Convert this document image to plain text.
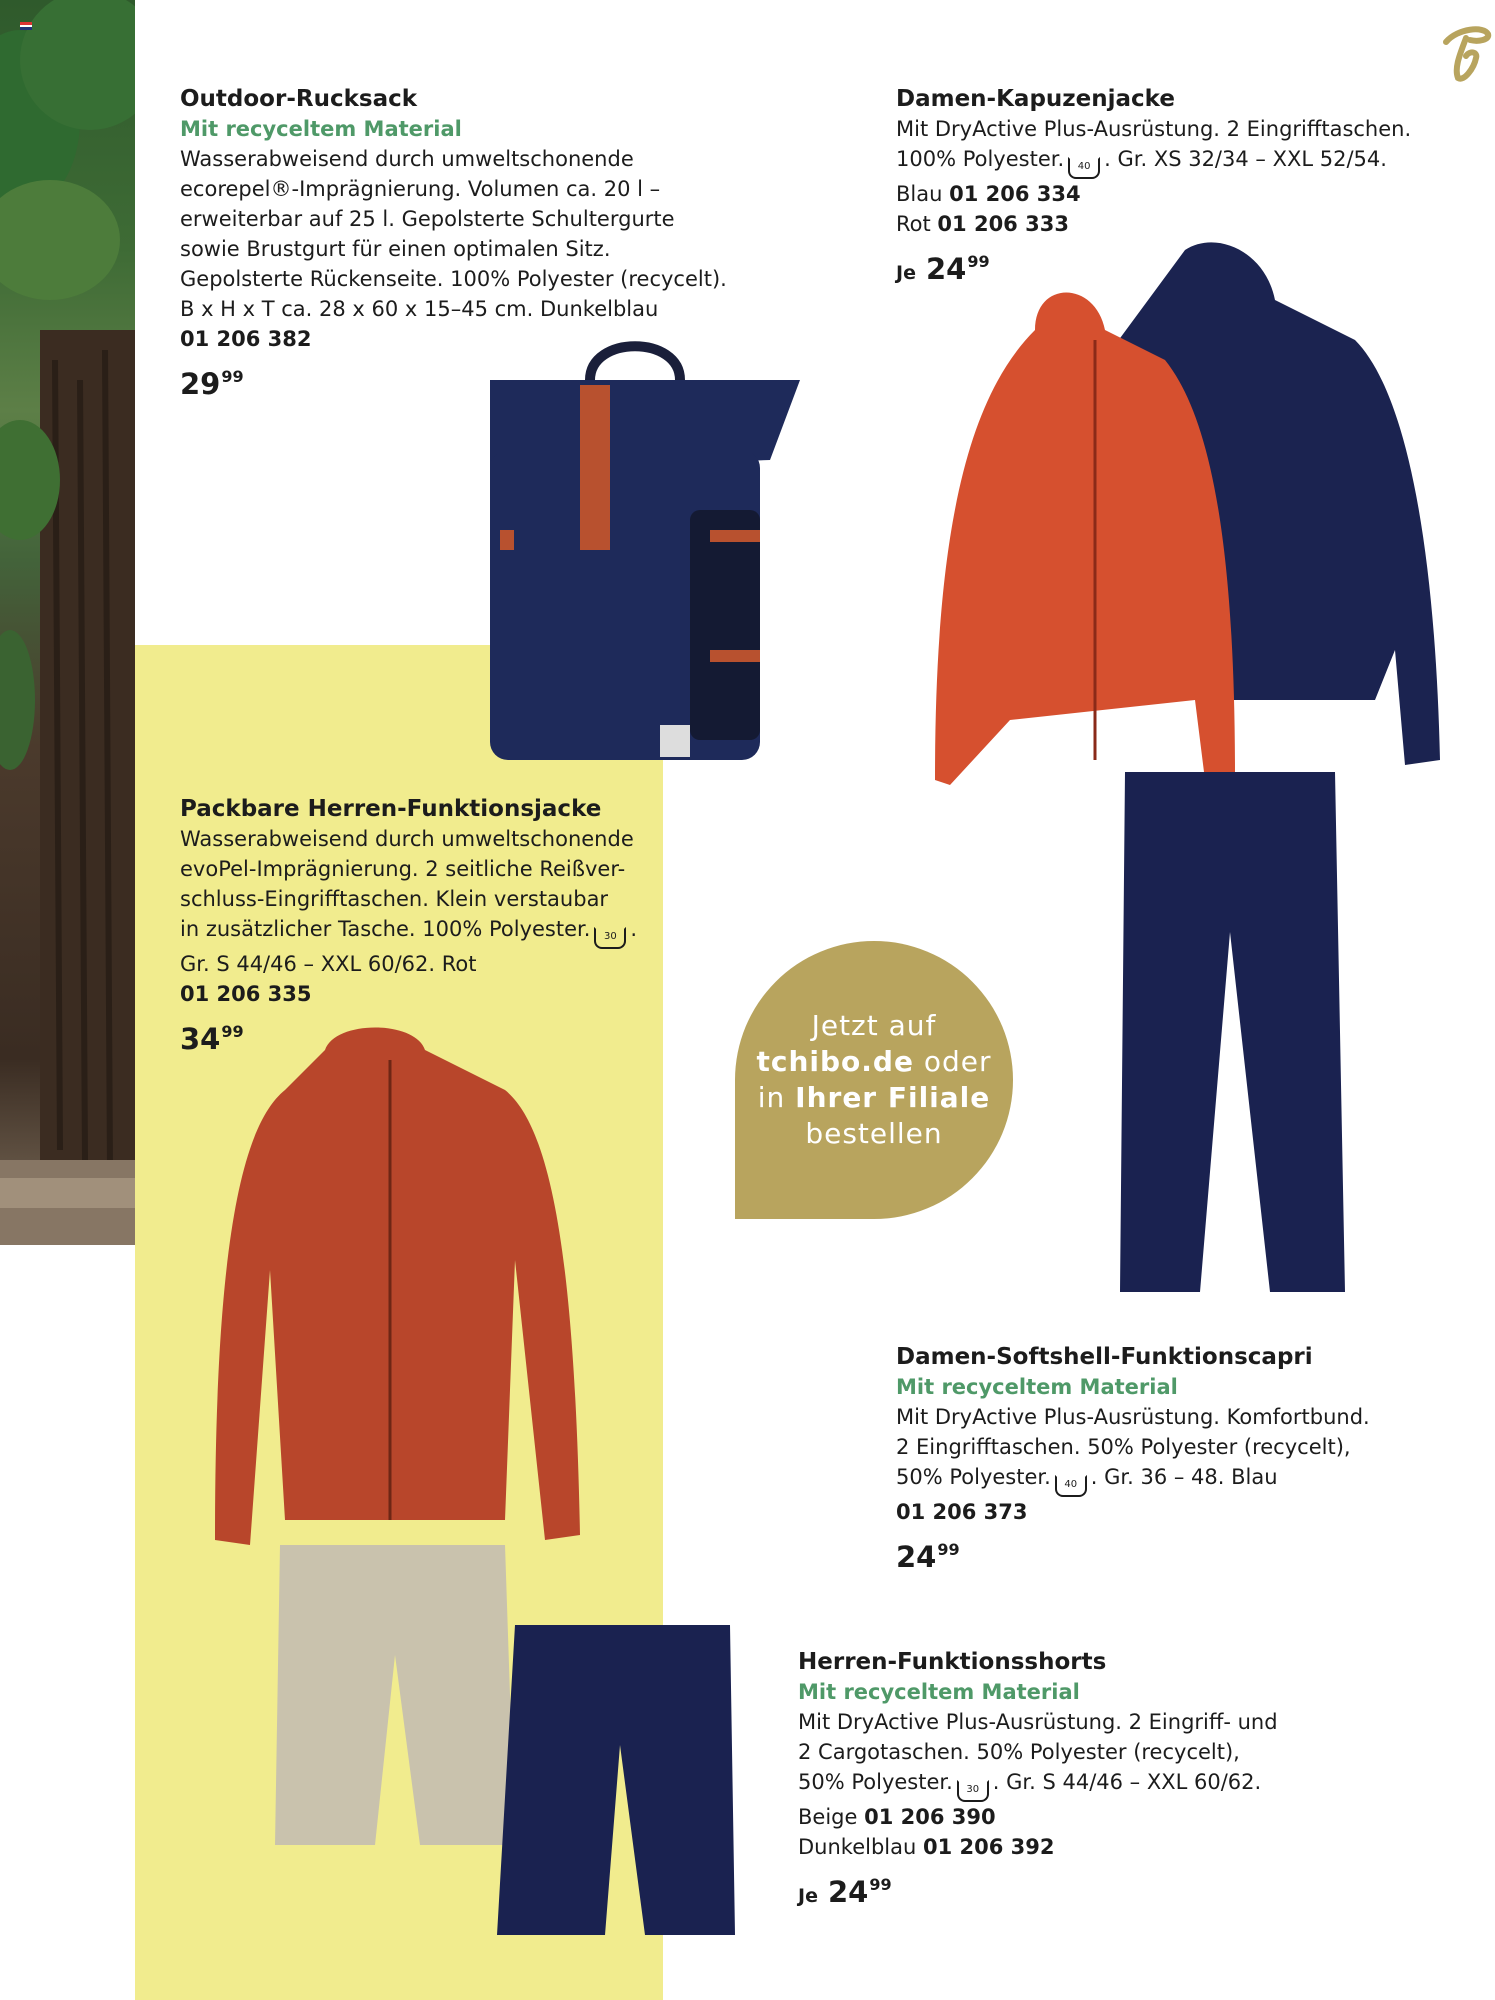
Outdoor-Rucksack
Mit recyceltem Material
Wasserabweisend durch umweltschonende
ecorepel®-Imprägnierung. Volumen ca. 20 l –
erweiterbar auf 25 l. Gepolsterte Schultergurte
sowie Brustgurt für einen optimalen Sitz.
Gepolsterte Rückenseite. 100% Polyester (recycelt).
B x H x T ca. 28 x 60 x 15–45 cm. Dunkelblau
01 206 382
$29^{99}$
Damen-Kapuzenjacke
Mit DryActive Plus-Ausrüstung. 2 Eingrifftaschen.
100% Polyester. 40 . Gr. XS 32/34 – XXL 52/54.
Blau 01 206 334
Rot 01 206 333
Je $24^{99}$
Packbare Herren-Funktionsjacke
Wasserabweisend durch umweltschonende
evoPel-Imprägnierung. 2 seitliche Reißver-
schluss-Eingrifftaschen. Klein verstaubar
in zusätzlicher Tasche. 100% Polyester. 30 .
Gr. S 44/46 – XXL 60/62. Rot
01 206 335
$34^{99}$	Jetzt auf
tchibo.de oder
in Ihrer Filiale
bestellen
Damen-Softshell-Funktionscapri
Mit recyceltem Material
Mit DryActive Plus-Ausrüstung. Komfortbund.
2 Eingrifftaschen. 50% Polyester (recycelt),
50% Polyester. 40 . Gr. 36 – 48. Blau
01 206 373
$24^{99}$
Herren-Funktionsshorts
Mit recyceltem Material
Mit DryActive Plus-Ausrüstung. 2 Eingriff- und
2 Cargotaschen. 50% Polyester (recycelt),
50% Polyester. 30 . Gr. S 44/46 – XXL 60/62.
Beige 01 206 390
Dunkelblau 01 206 392
Je $24^{99}$
